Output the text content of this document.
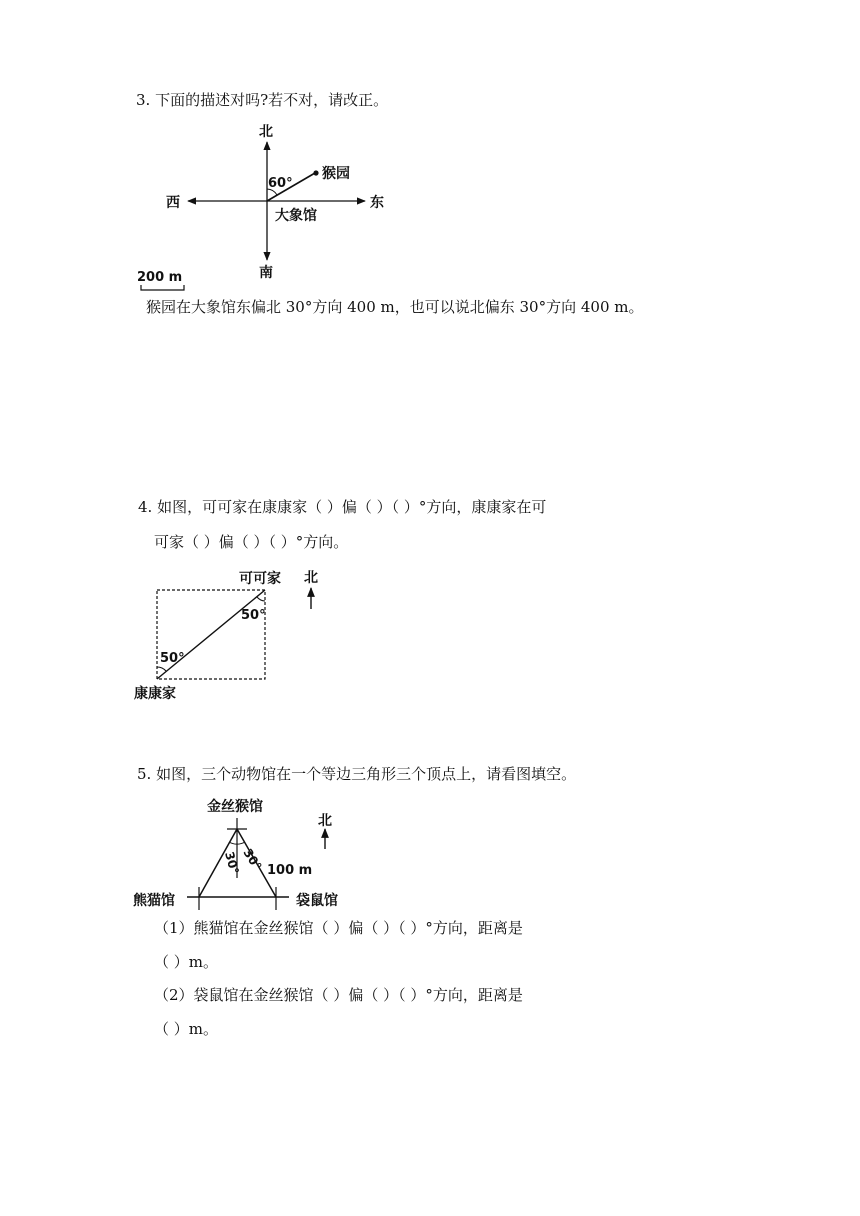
3. 下面的描述对吗?若不对，请改正。
北
南
西	东
猴园
大象馆
60°
200 m
可可家
康康家
50°
50°
北
金丝猴馆
熊猫馆	袋鼠馆
100 m
30°
30°
北
猴园在大象馆东偏北 30°方向 400 m，也可以说北偏东 30°方向 400 m。
4. 如图，可可家在康康家（ ）偏（ ）（ ）°方向，康康家在可
可家（ ）偏（ ）（ ）°方向。
5. 如图，三个动物馆在一个等边三角形三个顶点上，请看图填空。
（1）熊猫馆在金丝猴馆（ ）偏（ ）（ ）°方向，距离是
（ ）m。
（2）袋鼠馆在金丝猴馆（ ）偏（ ）（ ）°方向，距离是
（ ）m。
